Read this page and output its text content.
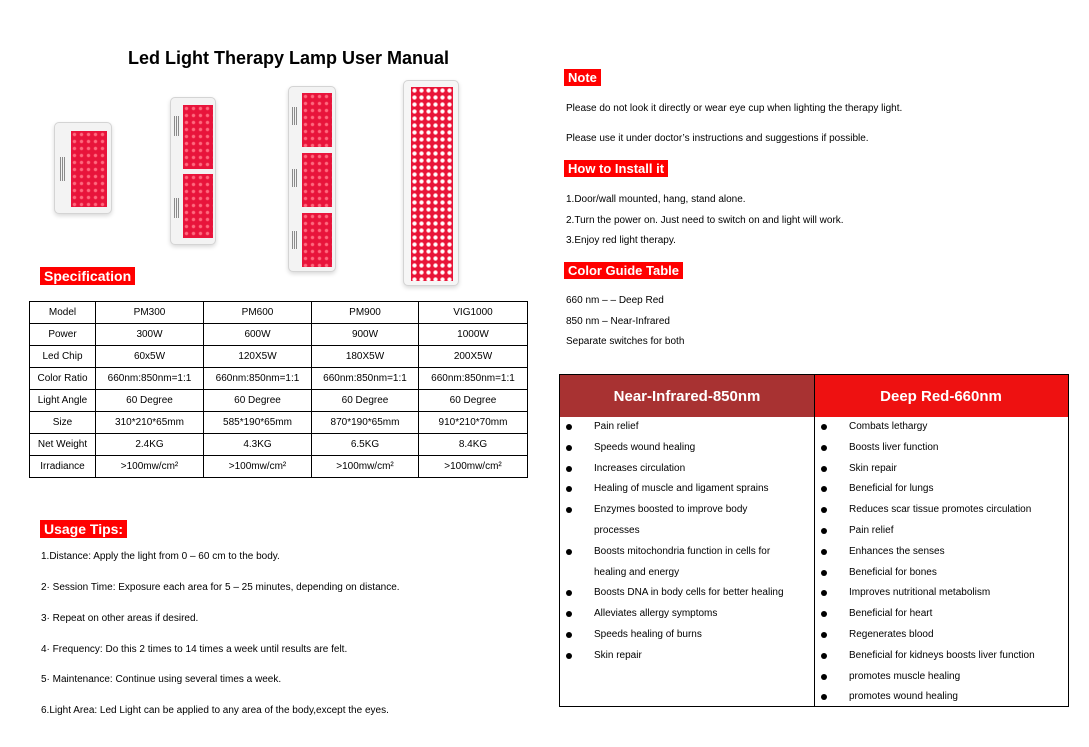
Led Light Therapy Lamp User Manual
Specification
Model	PM300	PM600	PM900	VIG1000
Power	300W	600W	900W	1000W
Led Chip	60x5W	120X5W	180X5W	200X5W
Color Ratio	660nm:850nm=1:1	660nm:850nm=1:1	660nm:850nm=1:1	660nm:850nm=1:1
Light Angle	60 Degree	60 Degree	60 Degree	60 Degree
Size	310*210*65mm	585*190*65mm	870*190*65mm	910*210*70mm
Net Weight	2.4KG	4.3KG	6.5KG	8.4KG
Irradiance	>100mw/cm²	>100mw/cm²	>100mw/cm²	>100mw/cm²
Usage Tips:
1.Distance: Apply the light from 0 – 60 cm to the body.
2· Session Time: Exposure each area for 5 – 25 minutes, depending on distance.
3· Repeat on other areas if desired.
4· Frequency: Do this 2 times to 14 times a week until results are felt.
5· Maintenance: Continue using several times a week.
6.Light Area: Led Light can be applied to any area of the body,except the eyes.
Note
Please do not look it directly or wear eye cup when lighting the therapy light.
Please use it under doctor’s instructions and suggestions if possible.
How to Install it
1.Door/wall mounted, hang, stand alone.
2.Turn the power on. Just need to switch on and light will work.
3.Enjoy red light therapy.
Color Guide Table
660 nm – – Deep Red
850 nm – Near-Infrared
Separate switches for both
Near-Infrared-850nm	Deep Red-660nm
Pain relief
Speeds wound healing
Increases circulation
Healing of muscle and ligament sprains
Enzymes boosted to improve body processes
Boosts mitochondria function in cells for healing and energy
Boosts DNA in body cells for better healing
Alleviates allergy symptoms
Speeds healing of burns
Skin repair
Combats lethargy
Boosts liver function
Skin repair
Beneficial for lungs
Reduces scar tissue promotes circulation
Pain relief
Enhances the senses
Beneficial for bones
Improves nutritional metabolism
Beneficial for heart
Regenerates blood
Beneficial for kidneys boosts liver function
promotes muscle healing
promotes wound healing
